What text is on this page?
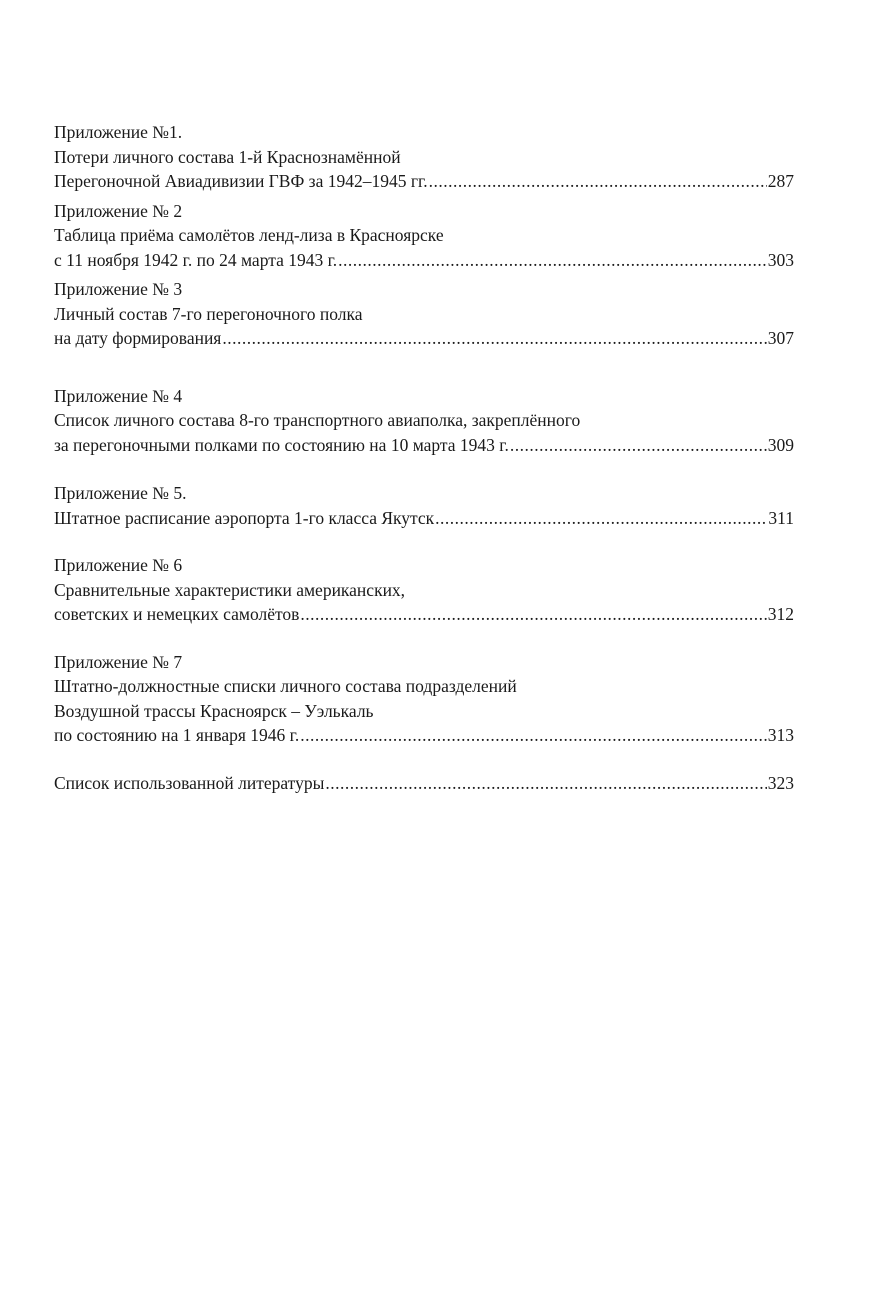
Приложение №1.
Потери личного состава 1-й Краснознамённой
Перегоночной Авиадивизии ГВФ за 1942–1945 гг. .....	287
Приложение № 2
Таблица приёма самолётов ленд-лиза в Красноярске
с 11 ноября 1942 г. по 24 марта 1943 г. .....	303
Приложение № 3
Личный состав 7-го перегоночного полка
на дату формирования .....	307
Приложение № 4
Список личного состава 8-го транспортного авиаполка, закреплённого
за перегоночными полками по состоянию на 10 марта 1943 г. .....	309
Приложение № 5.
Штатное расписание аэропорта 1-го класса Якутск .....	311
Приложение № 6
Сравнительные характеристики американских,
советских и немецких самолётов .....	312
Приложение № 7
Штатно-должностные списки личного состава подразделений
Воздушной трассы Красноярск – Уэлькаль
по состоянию на 1 января 1946 г. .....	313
Список использованной литературы .....	323
